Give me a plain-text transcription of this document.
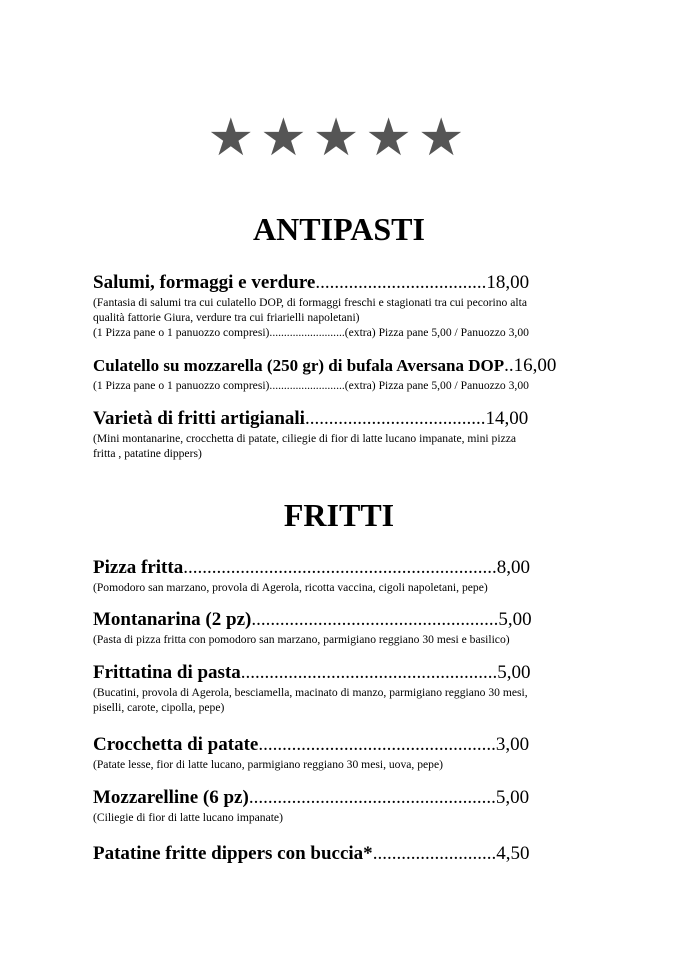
★★★★★
ANTIPASTI
Salumi, formaggi e verdure....................................18,00
(Fantasia di salumi tra cui culatello DOP, di formaggi freschi e stagionati tra cui pecorino alta
qualità fattorie Giura, verdure tra cui friarielli napoletani)
(1 Pizza pane o 1 panuozzo compresi)..........................(extra) Pizza pane 5,00 / Panuozzo 3,00
Culatello su mozzarella (250 gr) di bufala Aversana DOP..16,00
(1 Pizza pane o 1 panuozzo compresi)..........................(extra) Pizza pane 5,00 / Panuozzo 3,00
Varietà di fritti artigianali......................................14,00
(Mini montanarine, crocchetta di patate, ciliegie di fior di latte lucano impanate, mini pizza
fritta , patatine dippers)
FRITTI
Pizza fritta..................................................................8,00
(Pomodoro san marzano, provola di Agerola, ricotta vaccina, cigoli napoletani, pepe)
Montanarina (2 pz)....................................................5,00
(Pasta di pizza fritta con pomodoro san marzano, parmigiano reggiano 30 mesi e basilico)
Frittatina di pasta......................................................5,00
(Bucatini, provola di Agerola, besciamella, macinato di manzo, parmigiano reggiano 30 mesi,
piselli, carote, cipolla, pepe)
Crocchetta di patate..................................................3,00
(Patate lesse, fior di latte lucano, parmigiano reggiano 30 mesi, uova, pepe)
Mozzarelline (6 pz)....................................................5,00
(Ciliegie di fior di latte lucano impanate)
Patatine fritte dippers con buccia*..........................4,50
